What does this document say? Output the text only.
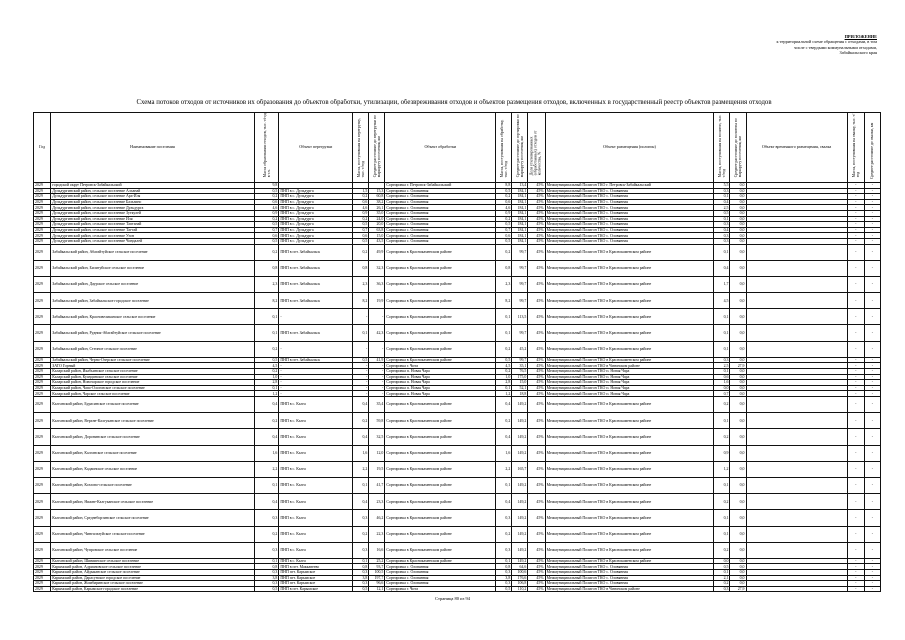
ПРИЛОЖЕНИЕ
к территориальной схеме обращения с отходами, в том
числе с твердыми коммунальными отходами,
Забайкальского края
Схема потоков отходов от источников их образования до объектов обработки, утилизации, обезвреживания отходов и объектов размещения отходов, включенных в государственный реестр объектов размещения отходов
Год	Наименование поселения	Масса образования отходов, тыс. т/год в т.ч.	Объект перегрузки	Масса, поступившая на перегрузку, тыс. т/год	Среднее расстояние до перегрузки по маршруту поселения, км	Объект обработки	Масса, поступившая на обработку, тыс. т/год	Среднее расстояние до сортировки по маршруту поселения, км	Доля утилизированных (обработанных) отходов от количества, %	Объект размещения (полигон)	Масса, поступившая на полигон, тыс. т/год	Среднее расстояние до полигона по маршруту поселения, км	Объект временного размещения, свалка	Масса, поступившая на свалку, тыс. т/год	Среднее расстояние до свалки, км

2029	городской округ Петровск-Забайкальский	9,8				Сортировка г. Петровск-Забайкальский	8,8	13,4	45%	Межмуниципальный Полигон ТКО г. Петровск-Забайкальский	5,5	0,0		-	-
2029	Дульдургинский район, сельское поселение Алханай	0,5	ПНП в с. Дульдурга	1,5	15,3	Сортировка с. Оловянная	0,5	184,1	45%	Межмуниципальный Полигон ТКО с. Оловянная	0,3	0,0		-	-
2029	Дульдургинский район, сельское поселение Ара-Иля	0,2	ПНП в с. Дульдурга	0,2	60,8	Сортировка с. Оловянная	0,2	184,1	45%	Межмуниципальный Полигон ТКО с. Оловянная	0,1	0,0		-	-
2029	Дульдургинский район, сельское поселение Бальзино	0,6	ПНП в с. Дульдурга	0,6	38,2	Сортировка с. Оловянная	0,6	184,1	45%	Межмуниципальный Полигон ТКО с. Оловянная	0,4	0,0		-	-
2029	Дульдургинский район, сельское поселение Дульдурга	4,6	ПНП в с. Дульдурга	4,6	26,1	Сортировка с. Оловянная	4,6	184,1	45%	Межмуниципальный Полигон ТКО с. Оловянная	2,5	0,0		-	-
2029	Дульдургинский район, сельское поселение Зуткулей	0,9	ПНП в с. Дульдурга	0,9	35,0	Сортировка с. Оловянная	0,9	184,1	45%	Межмуниципальный Полигон ТКО с. Оловянная	0,5	0,0		-	-
2029	Дульдургинский район, сельское поселение Иля	0,2	ПНП в с. Дульдурга	0,2	24,0	Сортировка с. Оловянная	0,2	184,1	45%	Межмуниципальный Полигон ТКО с. Оловянная	0,1	0,0		-	-
2029	Дульдургинский район, сельское поселение Таптанай	0,5	ПНП в с. Дульдурга	0,5	20,0	Сортировка с. Оловянная	0,5	184,1	45%	Межмуниципальный Полигон ТКО с. Оловянная	0,3	0,0		-	-
2029	Дульдургинский район, сельское поселение Тагтай	0,7	ПНП в с. Дульдурга	0,7	63,8	Сортировка с. Оловянная	0,7	184,1	45%	Межмуниципальный Полигон ТКО с. Оловянная	0,4	0,0		-	-
2029	Дульдургинский район, сельское поселение Узон	0,6	ПНП в с. Дульдурга	0,6	15,0	Сортировка с. Оловянная	0,6	184,1	45%	Межмуниципальный Полигон ТКО с. Оловянная	0,3	0,0		-	-
2029	Дульдургинский район, сельское поселение Чиндалей	0,5	ПНП в с. Дульдурга	0,5	43,5	Сортировка с. Оловянная	0,5	184,1	45%	Межмуниципальный Полигон ТКО с. Оловянная	0,3	0,0		-	-
2029	Забайкальский район, Абагайтуйское сельское поселение	0,2	ПНП в пгт. Забайкальск	0,2	49,9	Сортировка в Краснокаменском районе	0,2	99,7	45%	Межмуниципальный Полигон ТКО в Краснокаменском районе	0,1	0,0		-	-
2029	Забайкальский район, Билитуйское сельское поселение	0,8	ПНП в пгт. Забайкальск	0,8	32,3	Сортировка в Краснокаменском районе	0,8	99,7	45%	Межмуниципальный Полигон ТКО в Краснокаменском районе	0,4	0,0		-	-
2029	Забайкальский район, Даурское сельское поселение	2,3	ПНП в пгт. Забайкальск	2,3	36,3	Сортировка в Краснокаменском районе	2,3	99,7	45%	Межмуниципальный Полигон ТКО в Краснокаменском районе	1,7	0,0		-	-
2029	Забайкальский район, Забайкальское городское поселение	8,2	ПНП в пгт. Забайкальск	8,2	19,9	Сортировка в Краснокаменском районе	8,2	99,7	45%	Межмуниципальный Полигон ТКО в Краснокаменском районе	4,5	0,0		-	-
2029	Забайкальский район, Красновеликанское сельское поселение	0,1	-	-	-	Сортировка в Краснокаменском районе	0,1	113,5	45%	Межмуниципальный Полигон ТКО в Краснокаменском районе	0,1	0,0		-	-
2029	Забайкальский район, Рудник-Абагайтуйское сельское поселение	0,1	ПНП в пгт. Забайкальск	0,1	42,3	Сортировка в Краснокаменском районе	0,1	99,7	45%	Межмуниципальный Полигон ТКО в Краснокаменском районе	0,1	0,0		-	-
2029	Забайкальский район, Степное сельское поселение	0,2	-	-	-	Сортировка в Краснокаменском районе	0,2	45,2	45%	Межмуниципальный Полигон ТКО в Краснокаменском районе	0,1	0,0		-	-
2029	Забайкальский район, Черно-Озерское сельское поселение	0,5	ПНП в пгт. Забайкальск	0,5	41,9	Сортировка в Краснокаменском районе	0,5	99,7	45%	Межмуниципальный Полигон ТКО в Краснокаменском районе	0,3	0,0		-	-
2029	ЗАТО Горный	4,5	-	-	-	Сортировка г. Чита	4,5	35,1	45%	Межмуниципальный Полигон ТКО в Читинском районе	2,5	27,9		-	-
2029	Каларский район, Икабьинское сельское поселение	0,2	-	-	-	Сортировка п. Новая Чара	0,2	76,5	45%	Межмуниципальный Полигон ТКО п. Новая Чара	0,1	0,0		-	-
2029	Каларский район, Куандинское сельское поселение	1,0	-	-	-	Сортировка п. Новая Чара	1,0	175,0	45%	Межмуниципальный Полигон ТКО п. Новая Чара	0,6	0,0		-	-
2029	Каларский район, Новочарское городское поселение	2,8	-	-	-	Сортировка п. Новая Чара	2,8	15,0	45%	Межмуниципальный Полигон ТКО п. Новая Чара	1,6	0,0		-	-
2029	Каларский район, Чапо-Ологовское сельское поселение	0,1	-	-	-	Сортировка п. Новая Чара	0,1	52,1	45%	Межмуниципальный Полигон ТКО п. Новая Чара	0,0	0,0		-	-
2029	Каларский район, Чарское сельское поселение	1,2	-	-	-	Сортировка п. Новая Чара	1,2	18,8	45%	Межмуниципальный Полигон ТКО п. Новая Чара	0,7	0,0		-	-
2029	Калганский район, Бурасинское сельское поселение	0,4	ПНП в с. Калга	0,4	35,4	Сортировка в Краснокаменском районе	0,4	149,2	45%	Межмуниципальный Полигон ТКО в Краснокаменском районе	0,2	0,0		-	-
2029	Калганский район, Верхне-Калгуканское сельское поселение	0,2	ПНП в с. Калга	0,2	59,8	Сортировка в Краснокаменском районе	0,2	149,2	45%	Межмуниципальный Полигон ТКО в Краснокаменском районе	0,1	0,0		-	-
2029	Калганский район, Доронинское сельское поселение	0,4	ПНП в с. Калга	0,4	32,5	Сортировка в Краснокаменском районе	0,4	149,2	45%	Межмуниципальный Полигон ТКО в Краснокаменском районе	0,2	0,0		-	-
2029	Калганский район, Калганское сельское поселение	1,6	ПНП в с. Калга	1,6	12,0	Сортировка в Краснокаменском районе	1,6	149,2	45%	Межмуниципальный Полигон ТКО в Краснокаменском районе	0,9	0,0		-	-
2029	Калганский район, Кадаинское сельское поселение	2,2	ПНП в с. Калга	2,2	19,5	Сортировка в Краснокаменском районе	2,2	165,7	45%	Межмуниципальный Полигон ТКО в Краснокаменском районе	1,2	0,0		-	-
2029	Калганский район, Козлово-сельское поселение	0,1	ПНП в с. Калга	0,1	41,7	Сортировка в Краснокаменском районе	0,1	149,2	45%	Межмуниципальный Полигон ТКО в Краснокаменском районе	0,1	0,0		-	-
2029	Калганский район, Нижне-Калгуканское сельское поселение	0,4	ПНП в с. Калга	0,4	23,3	Сортировка в Краснокаменском районе	0,4	149,2	45%	Межмуниципальный Полигон ТКО в Краснокаменском районе	0,2	0,0		-	-
2029	Калганский район, Среднеборзинское сельское поселение	0,3	ПНП в с. Калга	0,3	46,2	Сортировка в Краснокаменском районе	0,3	149,2	45%	Межмуниципальный Полигон ТКО в Краснокаменском районе	0,1	0,0		-	-
2029	Калганский район, Чингильтуйское сельское поселение	0,2	ПНП в с. Калга	0,2	22,3	Сортировка в Краснокаменском районе	0,2	149,2	45%	Межмуниципальный Полигон ТКО в Краснокаменском районе	0,1	0,0		-	-
2029	Калганский район, Чупровское сельское поселение	0,3	ПНП в с. Калга	0,3	16,6	Сортировка в Краснокаменском районе	0,3	149,2	45%	Межмуниципальный Полигон ТКО в Краснокаменском районе	0,2	0,0		-	-
2029	Калганский район, Шивиинское сельское поселение	0,1	ПНП в с. Калга	0,1	25,2	Сортировка в Краснокаменском районе	0,1	149,2	45%	Межмуниципальный Полигон ТКО в Краснокаменском районе	0,0	0,0		-	-
2029	Карымский район, Адриановское сельское поселение	0,8	ПНП в пгт. Маккавеево	0,8	93,7	Сортировка с. Оловянная	0,8	64,6	45%	Межмуниципальный Полигон ТКО с. Оловянная	0,5	0,0		-	-
2029	Карымский район, Айдыканское сельское поселение	0,3	ПНП пгт. Карымское	0,3	100,5	Сортировка с. Оловянная	0,3	100,6	45%	Межмуниципальный Полигон ТКО с. Оловянная	0,1	0,0		-	-
2029	Карымский район, Дарасунское городское поселение	3,8	ПНП пгт. Карымское	3,8	197,7	Сортировка с. Оловянная	3,8	176,6	45%	Межмуниципальный Полигон ТКО с. Оловянная	2,1	0,0		-	-
2029	Карымский район, Жимбиринское сельское поселение	0,3	ПНП пгт. Карымское	0,3	96,6	Сортировка с. Оловянная	0,3	106,8	45%	Межмуниципальный Полигон ТКО с. Оловянная	0,2	0,0		-	-
2029	Карымский район, Карымское городское поселение	0,5	ПНП в пгт. Карымское	0,5	12,1	Сортировка г. Чита	0,5	110,2	45%	Межмуниципальный Полигон ТКО в Читинском районе	0,3	27,9		-	-
Страница 80 из 94
